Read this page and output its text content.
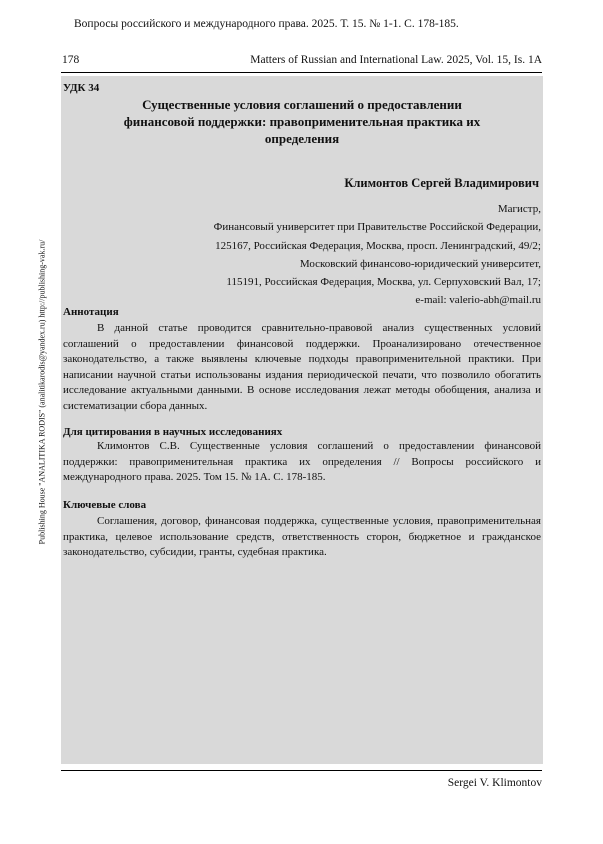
Вопросы российского и международного права. 2025. Т. 15. № 1-1. С. 178-185.
178	Matters of Russian and International Law. 2025, Vol. 15, Is. 1A
Publishing House "ANALITIKA RODIS" (analitikarodis@yandex.ru) http://publishing-vak.ru/
УДК 34
Существенные условия соглашений о предоставлении
финансовой поддержки: правоприменительная практика их
определения
Климонтов Сергей Владимирович
Магистр,
Финансовый университет при Правительстве Российской Федерации,
125167, Российская Федерация, Москва, просп. Ленинградский, 49/2;
Московский финансово-юридический университет,
115191, Российская Федерация, Москва, ул. Серпуховский Вал, 17;
e-mail: valerio-abh@mail.ru
Аннотация
В данной статье проводится сравнительно-правовой анализ существенных условий соглашений о предоставлении финансовой поддержки. Проанализировано отечественное законодательство, а также выявлены ключевые подходы правоприменительной практики. При написании научной статьи использованы издания периодической печати, что позволило обогатить исследование актуальными данными. В основе исследования лежат методы обобщения, анализа и систематизации сбора данных.
Для цитирования в научных исследованиях
Климонтов С.В. Существенные условия соглашений о предоставлении финансовой поддержки: правоприменительная практика их определения // Вопросы российского и международного права. 2025. Том 15. № 1А. С. 178-185.
Ключевые слова
Соглашения, договор, финансовая поддержка, существенные условия, правоприменительная практика, целевое использование средств, ответственность сторон, бюджетное и гражданское законодательство, субсидии, гранты, судебная практика.
Sergei V. Klimontov
